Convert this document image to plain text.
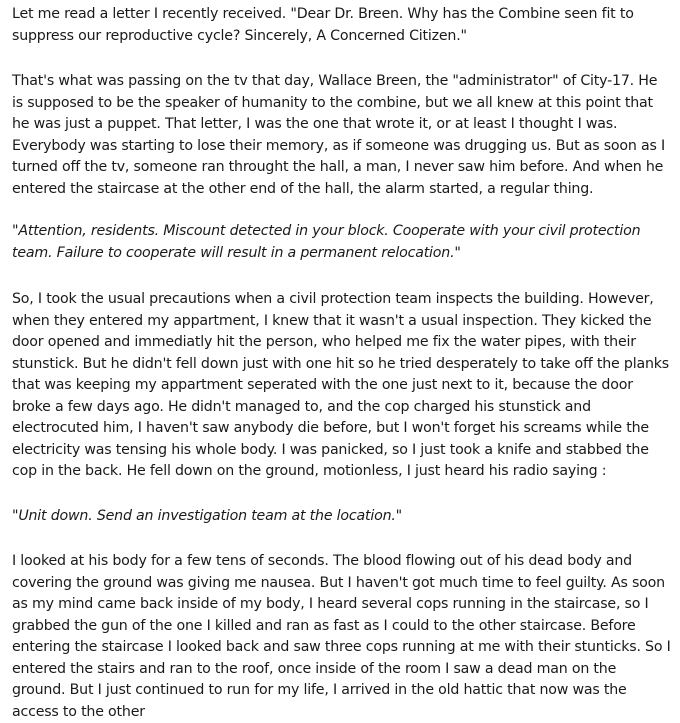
Let me read a letter I recently received. "Dear Dr. Breen. Why has the Combine seen fit to suppress our reproductive cycle? Sincerely, A Concerned Citizen."

That's what was passing on the tv that day, Wallace Breen, the "administrator" of City-17. He is supposed to be the speaker of humanity to the combine, but we all knew at this point that he was just a puppet. That letter, I was the one that wrote it, or at least I thought I was. Everybody was starting to lose their memory, as if someone was drugging us. But as soon as I turned off the tv, someone ran throught the hall, a man, I never saw him before. And when he entered the staircase at the other end of the hall, the alarm started, a regular thing.

"Attention, residents. Miscount detected in your block. Cooperate with your civil protection team. Failure to cooperate will result in a permanent relocation."

So, I took the usual precautions when a civil protection team inspects the building. However, when they entered my appartment, I knew that it wasn't a usual inspection. They kicked the door opened and immediatly hit the person, who helped me fix the water pipes, with their stunstick. But he didn't fell down just with one hit so he tried desperately to take off the planks that was keeping my appartment seperated with the one just next to it, because the door broke a few days ago. He didn't managed to, and the cop charged his stunstick and electrocuted him, I haven't saw anybody die before, but I won't forget his screams while the electricity was tensing his whole body. I was panicked, so I just took a knife and stabbed the cop in the back. He fell down on the ground, motionless, I just heard his radio saying :

"Unit down. Send an investigation team at the location."

I looked at his body for a few tens of seconds. The blood flowing out of his dead body and covering the ground was giving me nausea. But I haven't got much time to feel guilty. As soon as my mind came back inside of my body, I heard several cops running in the staircase, so I grabbed the gun of the one I killed and ran as fast as I could to the other staircase. Before entering the staircase I looked back and saw three cops running at me with their stunticks. So I entered the stairs and ran to the roof, once inside of the room I saw a dead man on the ground. But I just continued to run for my life, I arrived in the old hattic that now was the access to the other
